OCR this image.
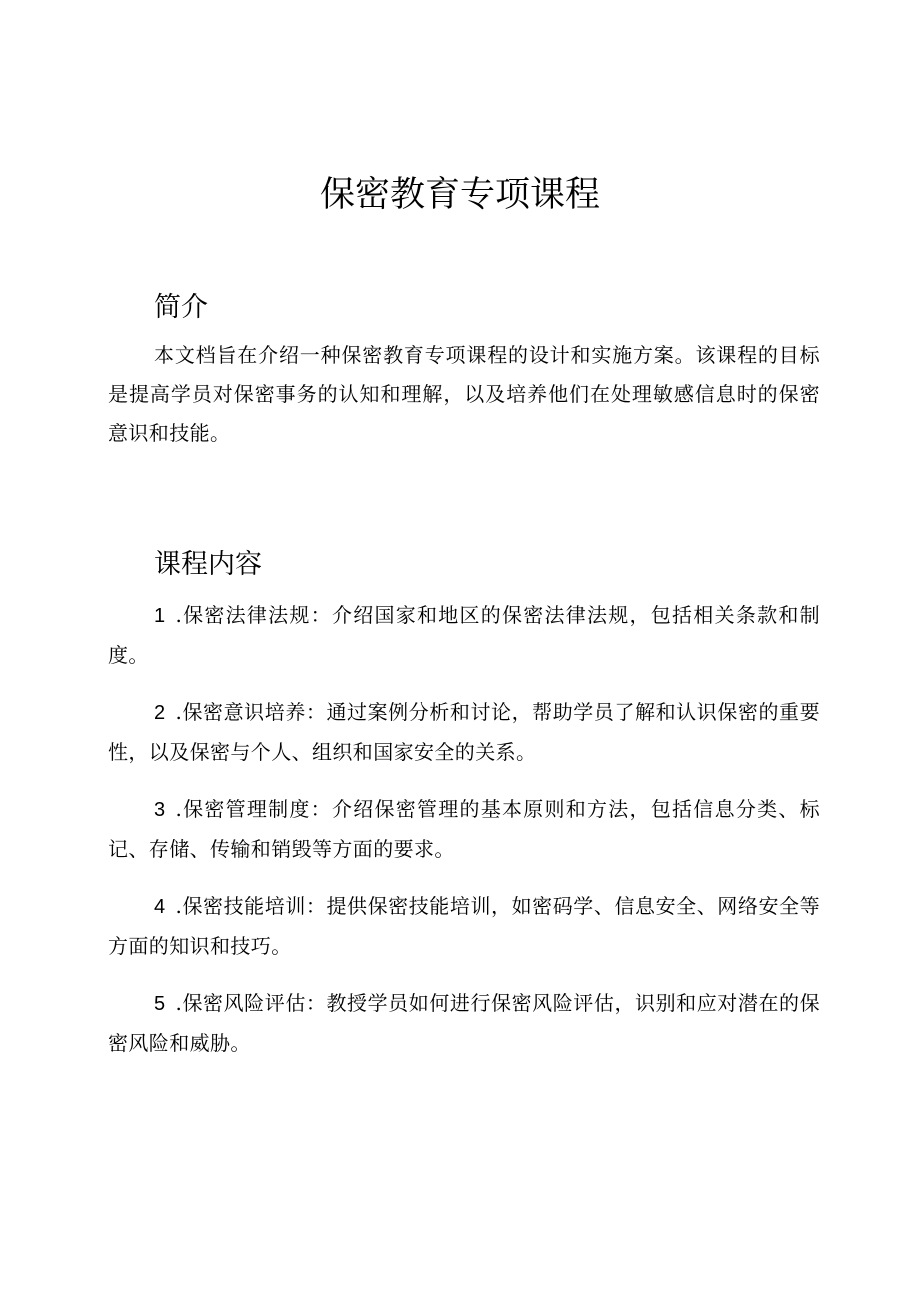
保密教育专项课程
简介

本文档旨在介绍一种保密教育专项课程的设计和实施方案。该课程的目标是提高学员对保密事务的认知和理解，以及培养他们在处理敏感信息时的保密意识和技能。

课程内容

1 .保密法律法规：介绍国家和地区的保密法律法规，包括相关条款和制度。

2 .保密意识培养：通过案例分析和讨论，帮助学员了解和认识保密的重要性，以及保密与个人、组织和国家安全的关系。

3 .保密管理制度：介绍保密管理的基本原则和方法，包括信息分类、标记、存储、传输和销毁等方面的要求。

4 .保密技能培训：提供保密技能培训，如密码学、信息安全、网络安全等方面的知识和技巧。

5 .保密风险评估：教授学员如何进行保密风险评估，识别和应对潜在的保密风险和威胁。
